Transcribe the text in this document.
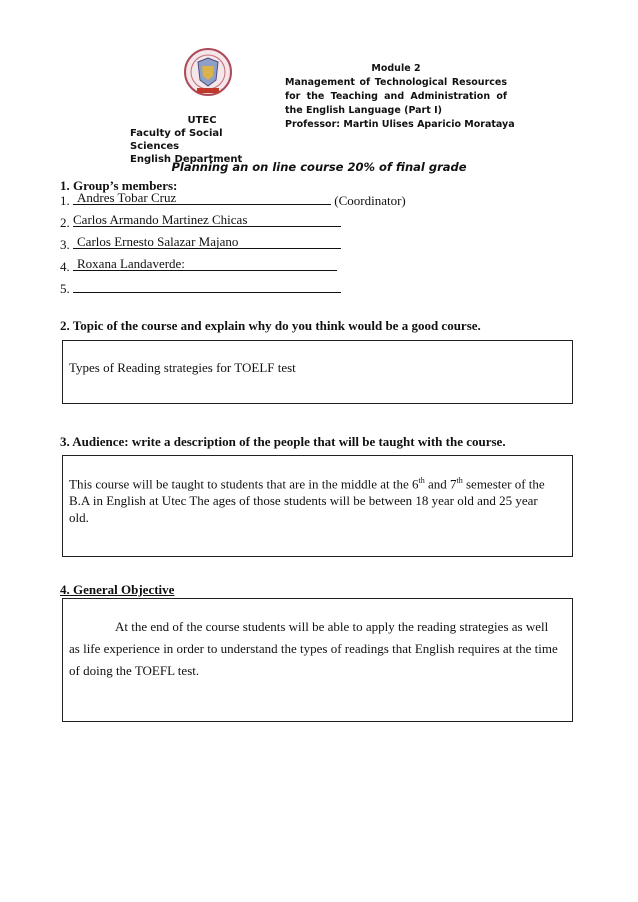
UTEC
Faculty of Social Sciences
English Department
Module 2
Management of Technological Resources for the Teaching and Administration of the English Language (Part I)
Professor: Martin Ulises Aparicio Morataya
Planning an on line course 20% of final grade
1. Group’s members:
1. Andres Tobar Cruz	(Coordinator)
2. Carlos Armando Martinez Chicas
3. Carlos Ernesto Salazar Majano
4. Roxana Landaverde:
5.
2. Topic of the course and explain why do you think would be a good course.
Types of Reading strategies for TOELF test
3. Audience: write a description of the people that will be taught with the course.
This course will be taught to students that are in the middle at the 6th and 7th semester of the B.A in English at Utec The ages of those students will be between 18 year old and 25 year old.
4. General Objective
At the end of the course students will be able to apply the reading strategies as well as life experience in order to understand the types of readings that English requires at the time of doing the TOEFL test.
